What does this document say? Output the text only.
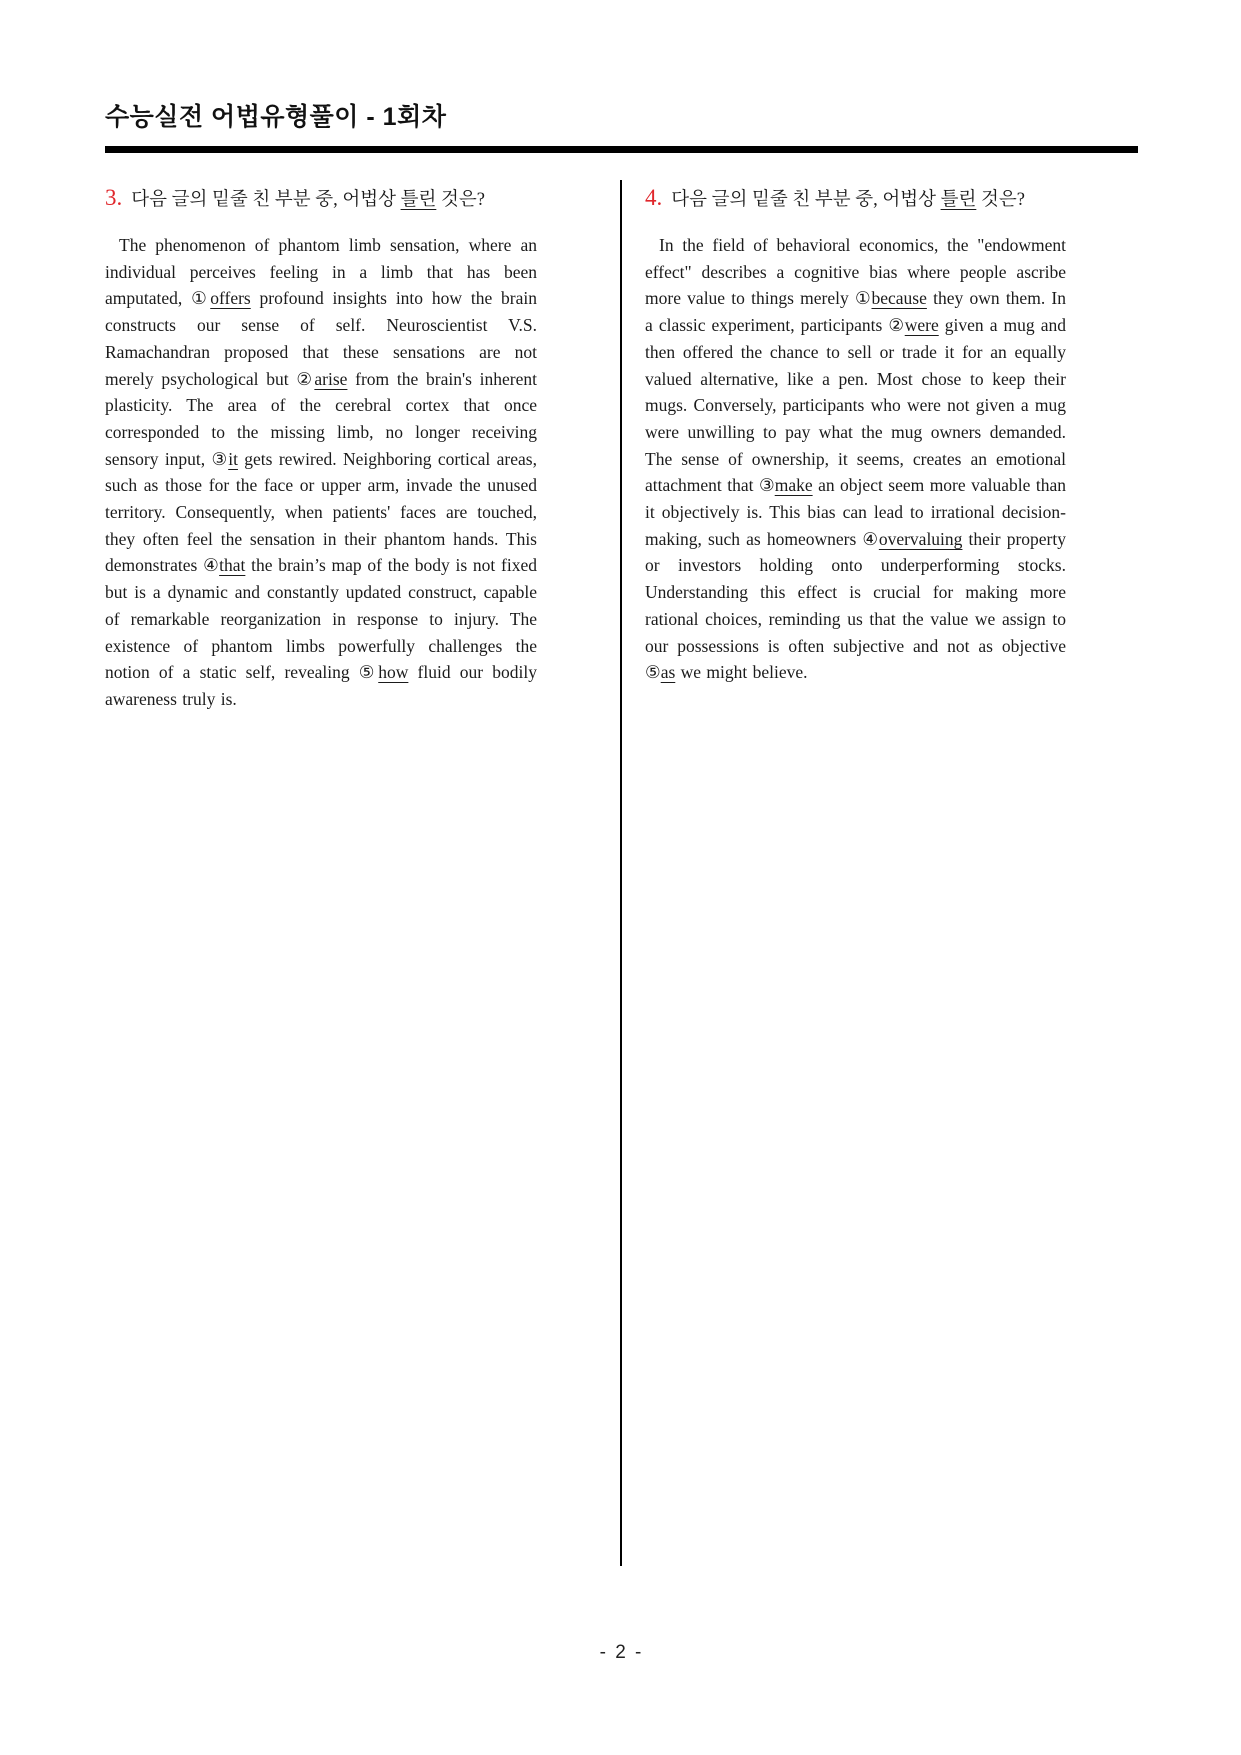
수능실전 어법유형풀이 - 1회차
3. 다음 글의 밑줄 친 부분 중, 어법상 틀린 것은?

The phenomenon of phantom limb sensation, where an individual perceives feeling in a limb that has been amputated, ①offers profound insights into how the brain constructs our sense of self. Neuroscientist V.S. Ramachandran proposed that these sensations are not merely psychological but ②arise from the brain's inherent plasticity. The area of the cerebral cortex that once corresponded to the missing limb, no longer receiving sensory input, ③it gets rewired. Neighboring cortical areas, such as those for the face or upper arm, invade the unused territory. Consequently, when patients' faces are touched, they often feel the sensation in their phantom hands. This demonstrates ④that the brain’s map of the body is not fixed but is a dynamic and constantly updated construct, capable of remarkable reorganization in response to injury. The existence of phantom limbs powerfully challenges the notion of a static self, revealing ⑤how fluid our bodily awareness truly is.

4. 다음 글의 밑줄 친 부분 중, 어법상 틀린 것은?

In the field of behavioral economics, the "endowment effect" describes a cognitive bias where people ascribe more value to things merely ①because they own them. In a classic experiment, participants ②were given a mug and then offered the chance to sell or trade it for an equally valued alternative, like a pen. Most chose to keep their mugs. Conversely, participants who were not given a mug were unwilling to pay what the mug owners demanded. The sense of ownership, it seems, creates an emotional attachment that ③make an object seem more valuable than it objectively is. This bias can lead to irrational decision-making, such as homeowners ④overvaluing their property or investors holding onto underperforming stocks. Understanding this effect is crucial for making more rational choices, reminding us that the value we assign to our possessions is often subjective and not as objective ⑤as we might believe.

- 2 -
